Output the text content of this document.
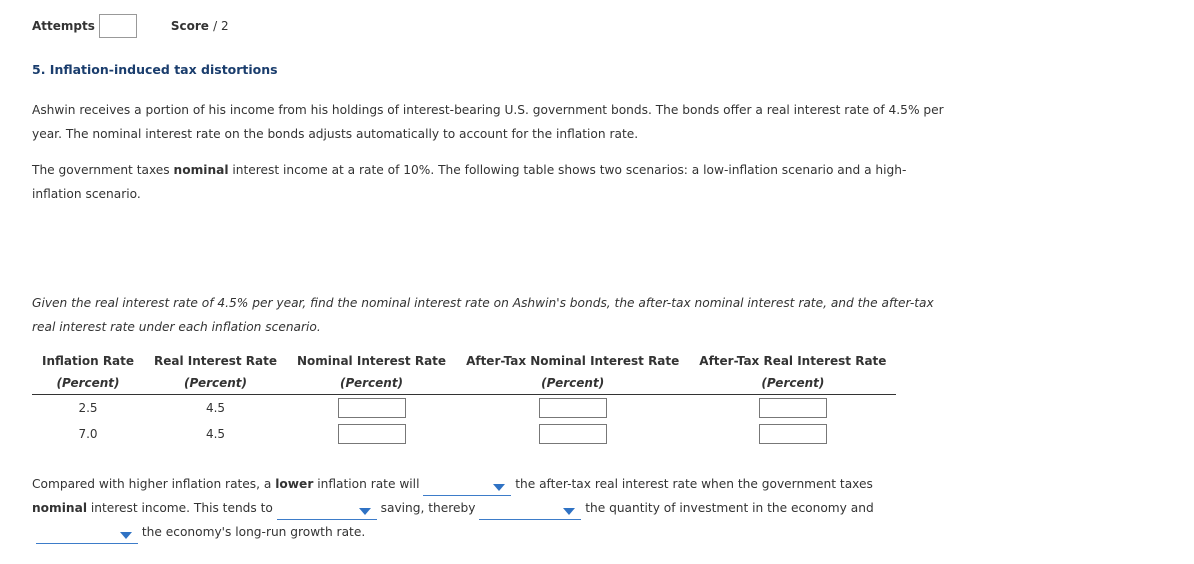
Attempts	Score / 2
5. Inflation-induced tax distortions
Ashwin receives a portion of his income from his holdings of interest-bearing U.S. government bonds. The bonds offer a real interest rate of 4.5% per
year. The nominal interest rate on the bonds adjusts automatically to account for the inflation rate.
The government taxes nominal interest income at a rate of 10%. The following table shows two scenarios: a low-inflation scenario and a high-
inflation scenario.
Given the real interest rate of 4.5% per year, find the nominal interest rate on Ashwin's bonds, the after-tax nominal interest rate, and the after-tax
real interest rate under each inflation scenario.
Inflation Rate	Real Interest Rate	Nominal Interest Rate	After-Tax Nominal Interest Rate	After-Tax Real Interest Rate
(Percent)	(Percent)	(Percent)	(Percent)	(Percent)
2.5	4.5			
7.0	4.5			
Compared with higher inflation rates, a lower inflation rate will	the after-tax real interest rate when the government taxes
nominal interest income. This tends to	saving, thereby	the quantity of investment in the economy and
the economy's long-run growth rate.
